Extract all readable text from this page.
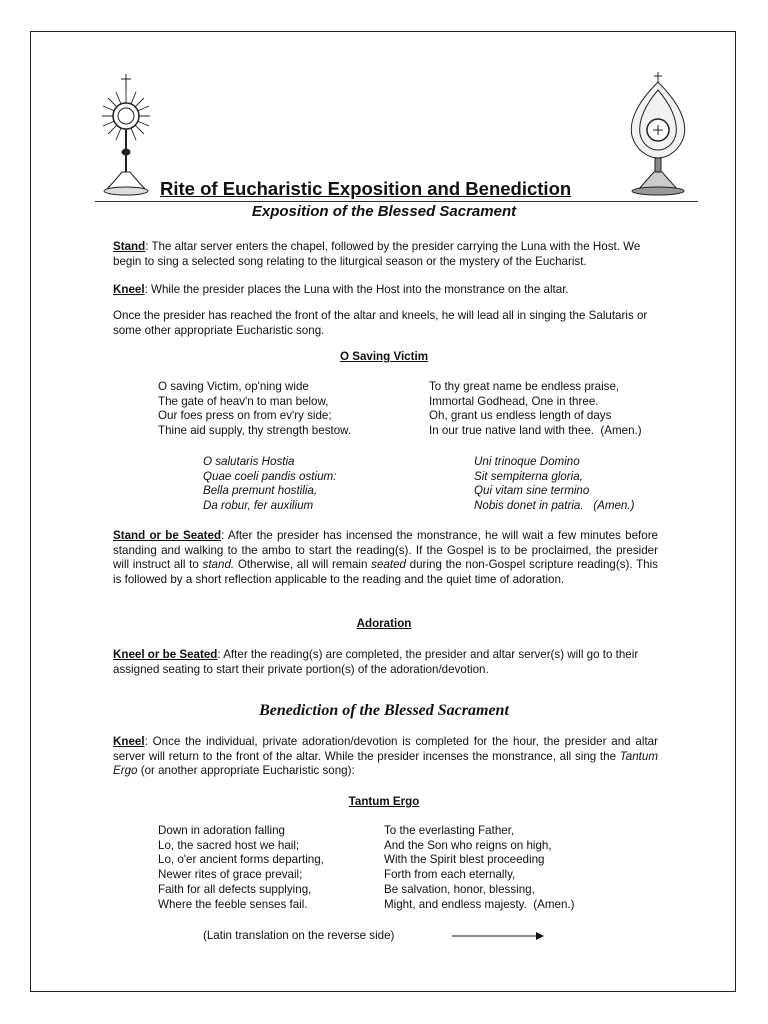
Rite of Eucharistic Exposition and Benediction
Exposition of the Blessed Sacrament
Stand: The altar server enters the chapel, followed by the presider carrying the Luna with the Host. We begin to sing a selected song relating to the liturgical season or the mystery of the Eucharist.
Kneel: While the presider places the Luna with the Host into the monstrance on the altar.
Once the presider has reached the front of the altar and kneels, he will lead all in singing the Salutaris or some other appropriate Eucharistic song.
O Saving Victim
O saving Victim, op'ning wide
The gate of heav'n to man below,
Our foes press on from ev'ry side;
Thine aid supply, thy strength bestow.
To thy great name be endless praise,
Immortal Godhead, One in three.
Oh, grant us endless length of days
In our true native land with thee.  (Amen.)
O salutaris Hostia
Quae coeli pandis ostium:
Bella premunt hostilia,
Da robur, fer auxilium
Uni trinoque Domino
Sit sempiterna gloria,
Qui vitam sine termino
Nobis donet in patria.   (Amen.)
Stand or be Seated: After the presider has incensed the monstrance, he will wait a few minutes before standing and walking to the ambo to start the reading(s). If the Gospel is to be proclaimed, the presider will instruct all to stand. Otherwise, all will remain seated during the non-Gospel scripture reading(s). This is followed by a short reflection applicable to the reading and the quiet time of adoration.
Adoration
Kneel or be Seated: After the reading(s) are completed, the presider and altar server(s) will go to their assigned seating to start their private portion(s) of the adoration/devotion.
Benediction of the Blessed Sacrament
Kneel: Once the individual, private adoration/devotion is completed for the hour, the presider and altar server will return to the front of the altar. While the presider incenses the monstrance, all sing the Tantum Ergo (or another appropriate Eucharistic song):
Tantum Ergo
Down in adoration falling
Lo, the sacred host we hail;
Lo, o'er ancient forms departing,
Newer rites of grace prevail;
Faith for all defects supplying,
Where the feeble senses fail.
To the everlasting Father,
And the Son who reigns on high,
With the Spirit blest proceeding
Forth from each eternally,
Be salvation, honor, blessing,
Might, and endless majesty.  (Amen.)
(Latin translation on the reverse side)
